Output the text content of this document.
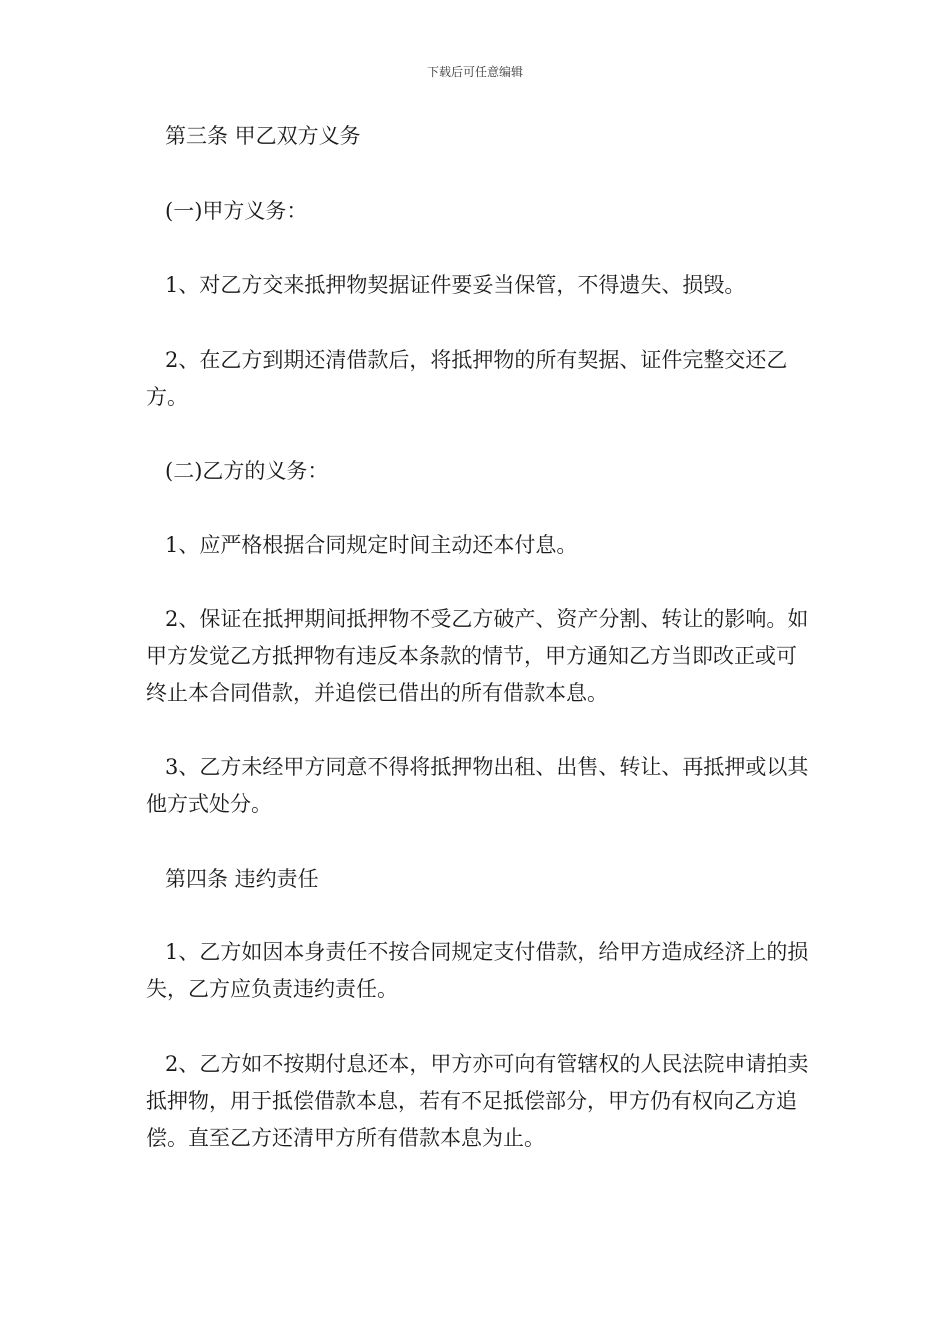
下载后可任意编辑
第三条 甲乙双方义务
(一)甲方义务：
1、对乙方交来抵押物契据证件要妥当保管，不得遗失、损毁。
2、在乙方到期还清借款后，将抵押物的所有契据、证件完整交还乙方。
(二)乙方的义务：
1、应严格根据合同规定时间主动还本付息。
2、保证在抵押期间抵押物不受乙方破产、资产分割、转让的影响。如甲方发觉乙方抵押物有违反本条款的情节，甲方通知乙方当即改正或可终止本合同借款，并追偿已借出的所有借款本息。
3、乙方未经甲方同意不得将抵押物出租、出售、转让、再抵押或以其他方式处分。
第四条 违约责任
1、乙方如因本身责任不按合同规定支付借款，给甲方造成经济上的损失，乙方应负责违约责任。
2、乙方如不按期付息还本，甲方亦可向有管辖权的人民法院申请拍卖抵押物，用于抵偿借款本息，若有不足抵偿部分，甲方仍有权向乙方追偿。直至乙方还清甲方所有借款本息为止。
